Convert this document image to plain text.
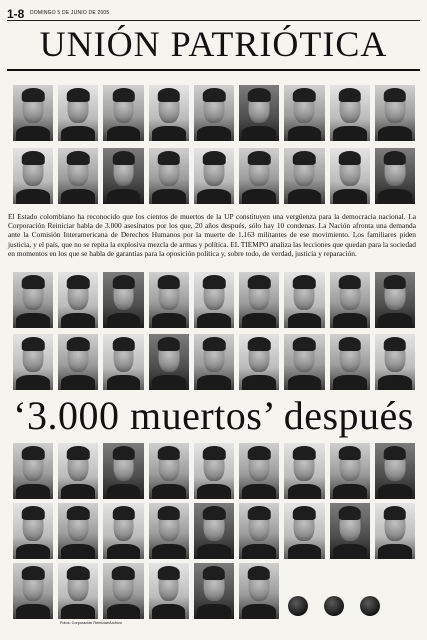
1-8 DOMINGO 5 DE JUNIO DE 2005
UNIÓN PATRIÓTICA
El Estado colombiano ha reconocido que los cientos de muertos de la UP constituyen una vergüenza para la democracia nacional. La Corporación Reiniciar habla de 3.000 asesinatos por los que, 20 años después, sólo hay 10 condenas. La Nación afronta una demanda ante la Comisión Interamericana de Derechos Humanos por la muerte de 1.163 militantes de ese movimiento. Los familiares piden justicia, y el país, que no se repita la explosiva mezcla de armas y política. EL TIEMPO analiza las lecciones que quedan para la sociedad en momentos en los que se habla de garantías para la oposición política y, sobre todo, de verdad, justicia y reparación.
‘3.000 muertos’ después
Fotos: Corporación Reiniciar/Archivo
